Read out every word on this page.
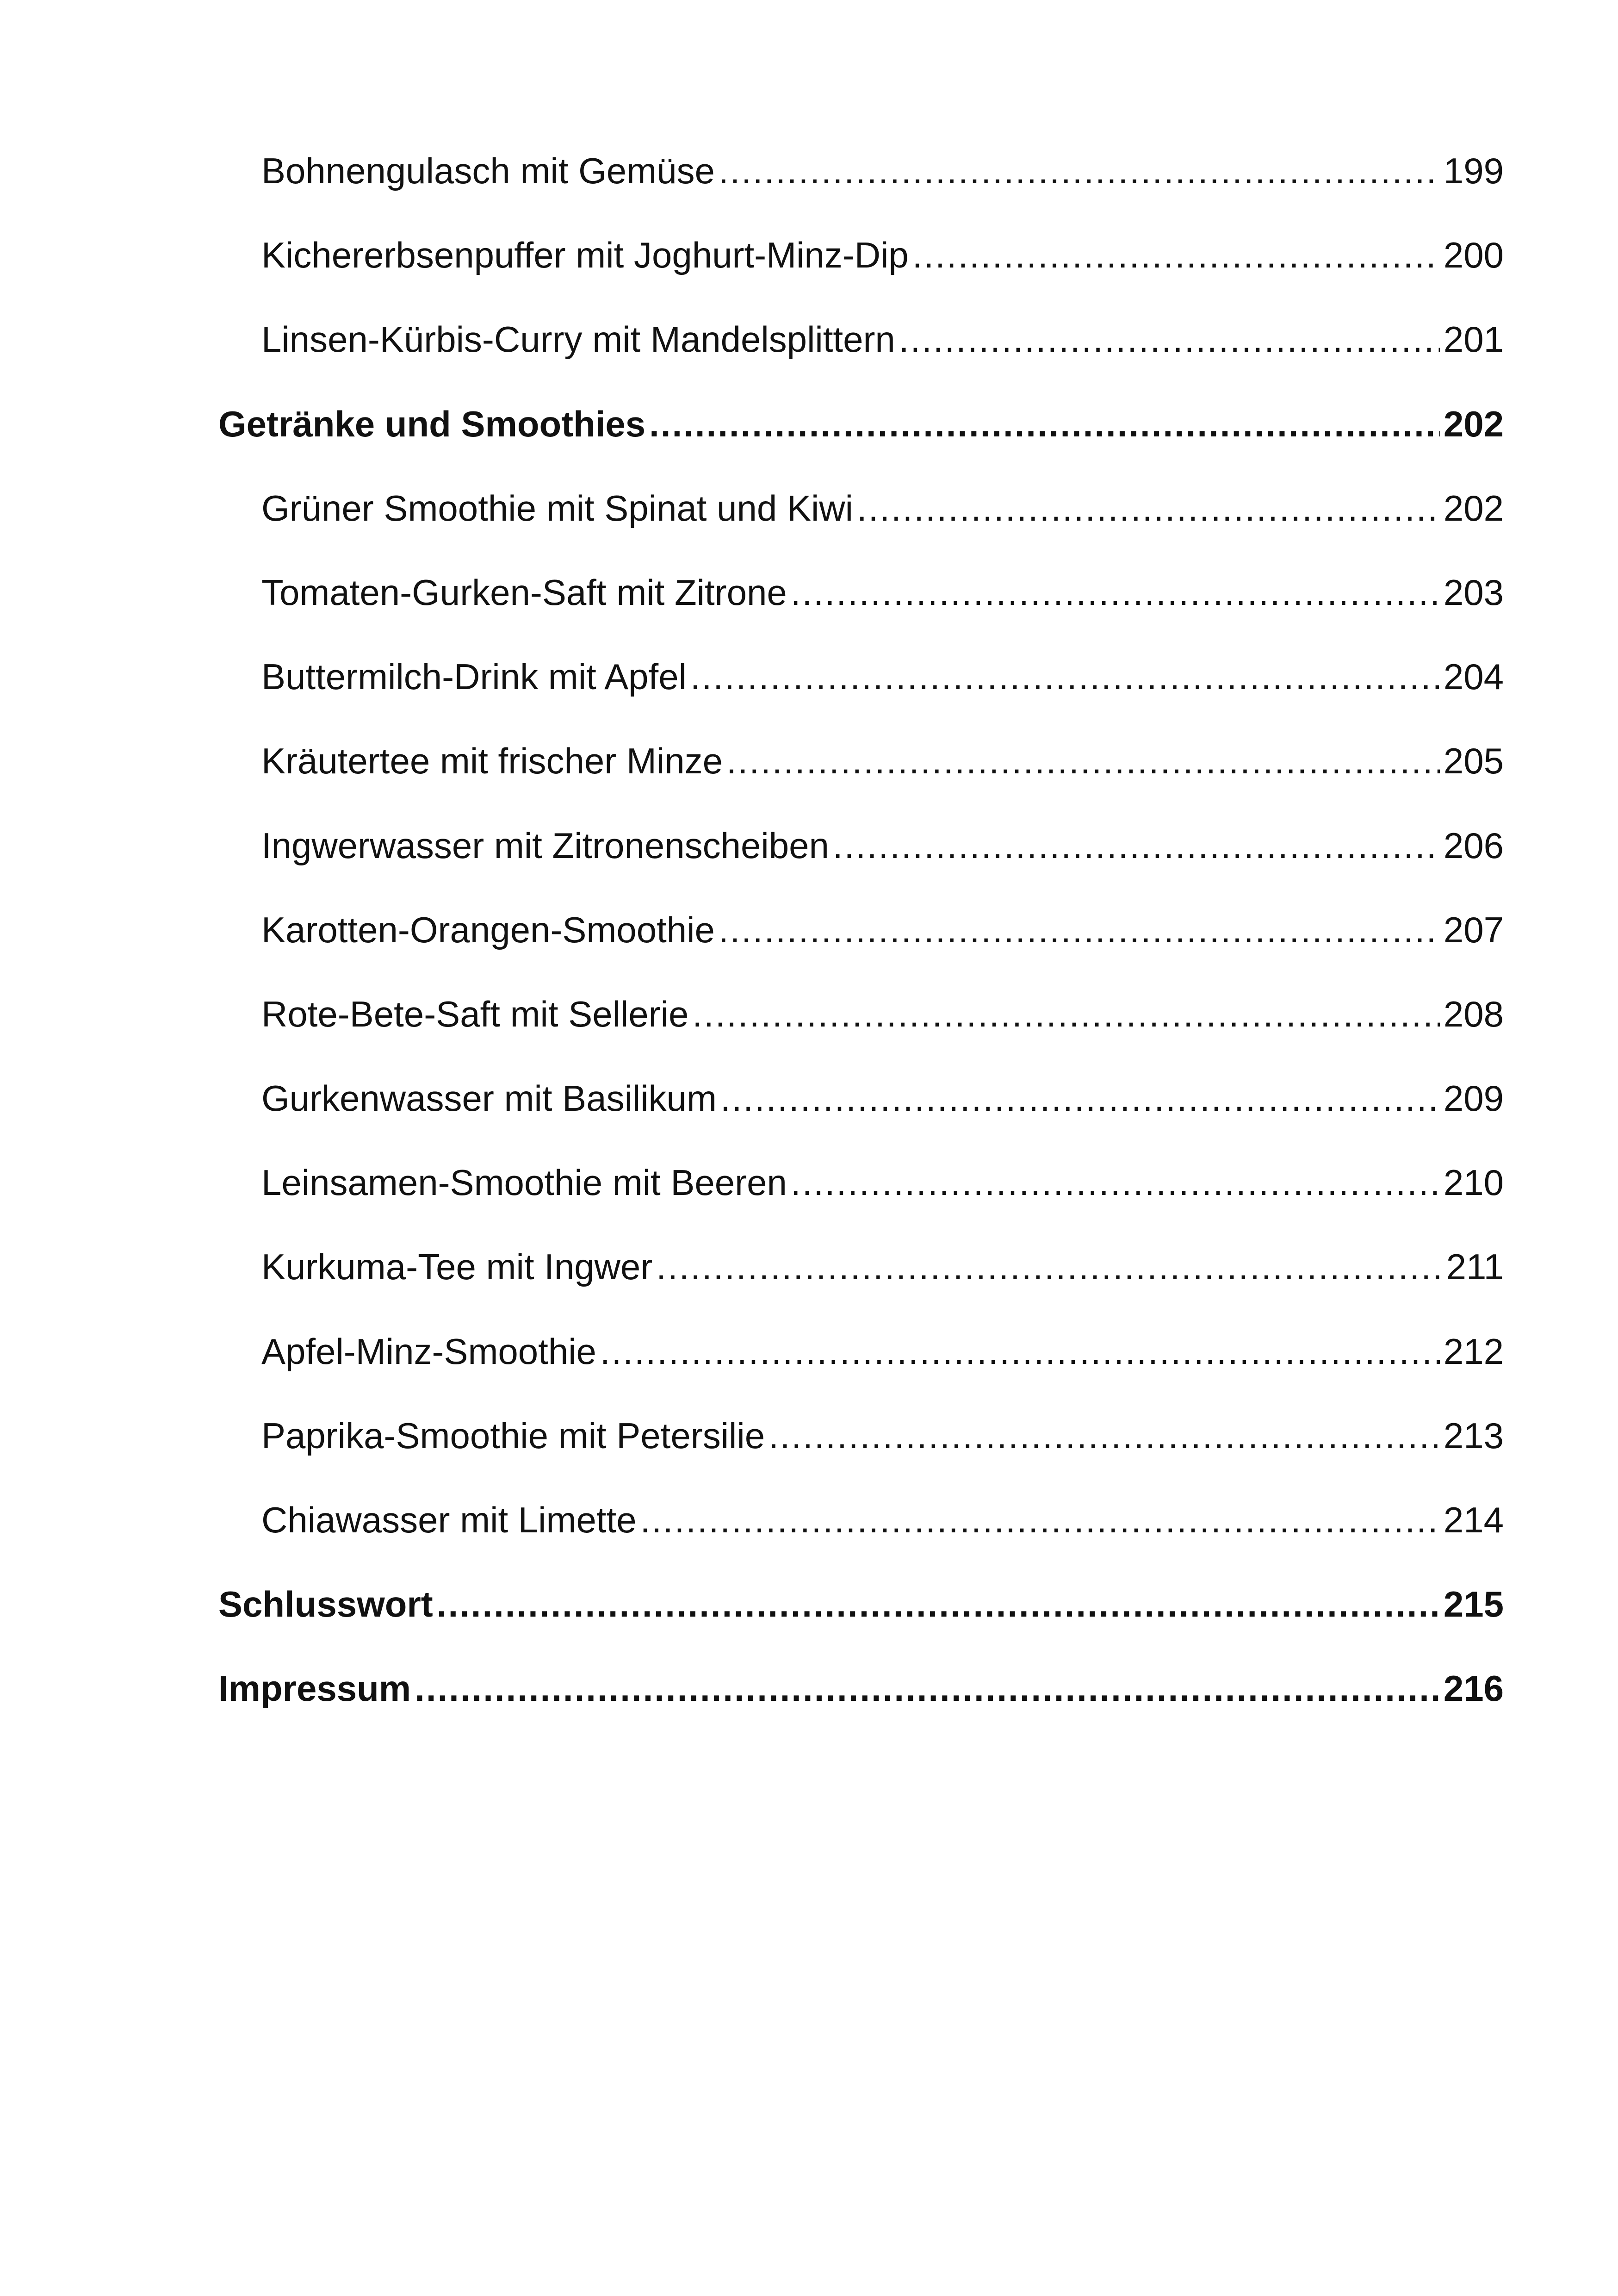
Bohnengulasch mit Gemüse .....	199
Kichererbsenpuffer mit Joghurt-Minz-Dip .....	200
Linsen-Kürbis-Curry mit Mandelsplittern .....	201
Getränke und Smoothies .....	202
Grüner Smoothie mit Spinat und Kiwi .....	202
Tomaten-Gurken-Saft mit Zitrone .....	203
Buttermilch-Drink mit Apfel .....	204
Kräutertee mit frischer Minze .....	205
Ingwerwasser mit Zitronenscheiben .....	206
Karotten-Orangen-Smoothie .....	207
Rote-Bete-Saft mit Sellerie .....	208
Gurkenwasser mit Basilikum .....	209
Leinsamen-Smoothie mit Beeren .....	210
Kurkuma-Tee mit Ingwer .....	211
Apfel-Minz-Smoothie .....	212
Paprika-Smoothie mit Petersilie .....	213
Chiawasser mit Limette .....	214
Schlusswort .....	215
Impressum .....	216
